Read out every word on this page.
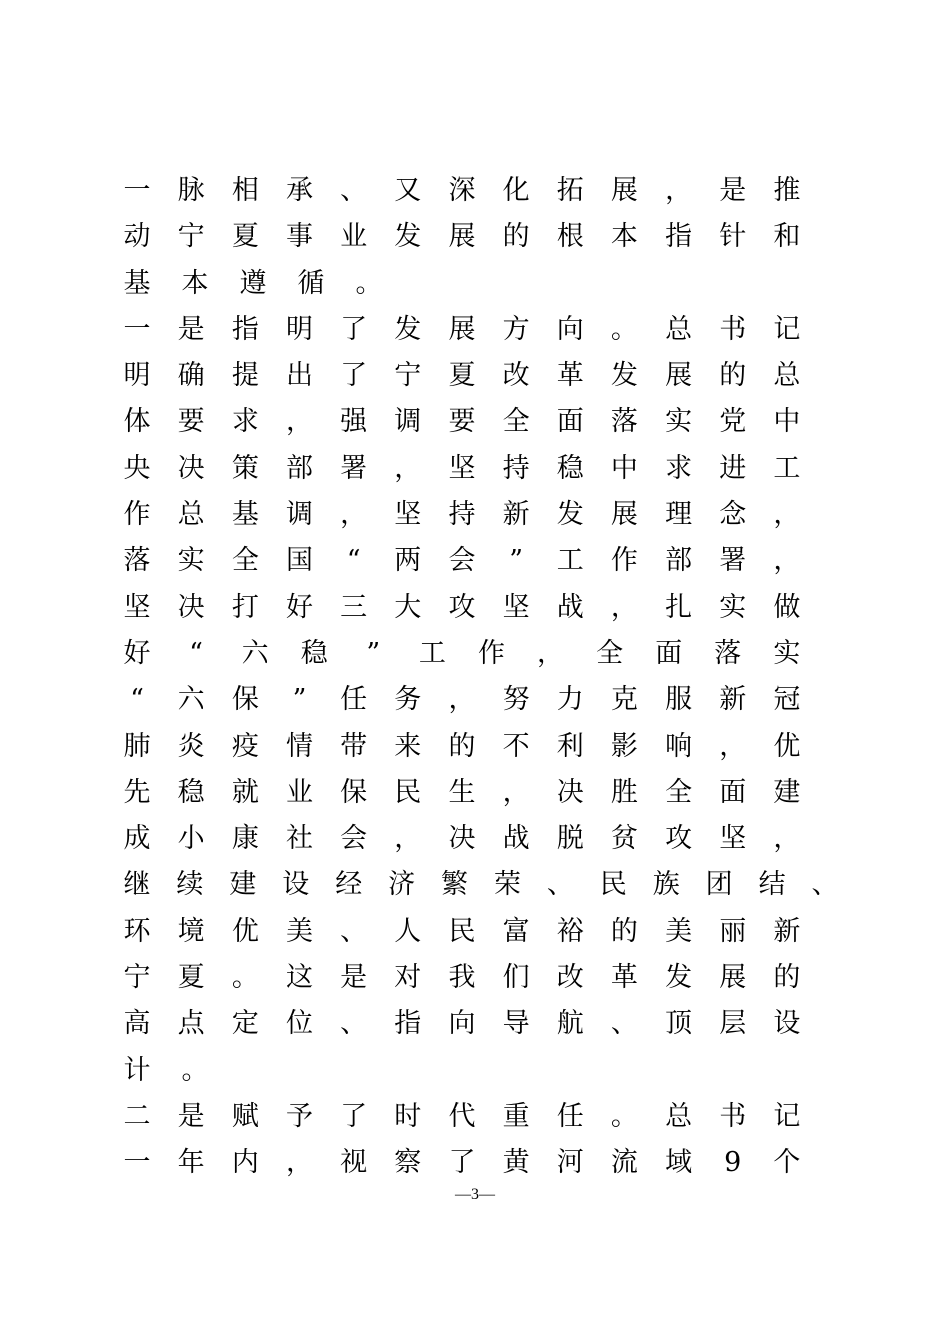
一 脉 相 承 、 又 深 化 拓 展 ， 是 推
动 宁 夏 事 业 发 展 的 根 本 指 针 和
基 本 遵 循 。
一 是 指 明 了 发 展 方 向 。 总 书 记
明 确 提 出 了 宁 夏 改 革 发 展 的 总
体 要 求 ， 强 调 要 全 面 落 实 党 中
央 决 策 部 署 ， 坚 持 稳 中 求 进 工
作 总 基 调 ， 坚 持 新 发 展 理 念 ，
落 实 全 国 “ 两 会 ” 工 作 部 署 ，
坚 决 打 好 三 大 攻 坚 战 ， 扎 实 做
好 “ 六 稳 ” 工 作 ， 全 面 落 实
“ 六 保 ” 任 务 ， 努 力 克 服 新 冠
肺 炎 疫 情 带 来 的 不 利 影 响 ， 优
先 稳 就 业 保 民 生 ， 决 胜 全 面 建
成 小 康 社 会 ， 决 战 脱 贫 攻 坚 ，
继 续 建 设 经 济 繁 荣 、 民 族 团 结 、
环 境 优 美 、 人 民 富 裕 的 美 丽 新
宁 夏 。 这 是 对 我 们 改 革 发 展 的
高 点 定 位 、 指 向 导 航 、 顶 层 设
计 。
二 是 赋 予 了 时 代 重 任 。 总 书 记
一 年 内 ， 视 察 了 黄 河 流 域 9 个
—3—
